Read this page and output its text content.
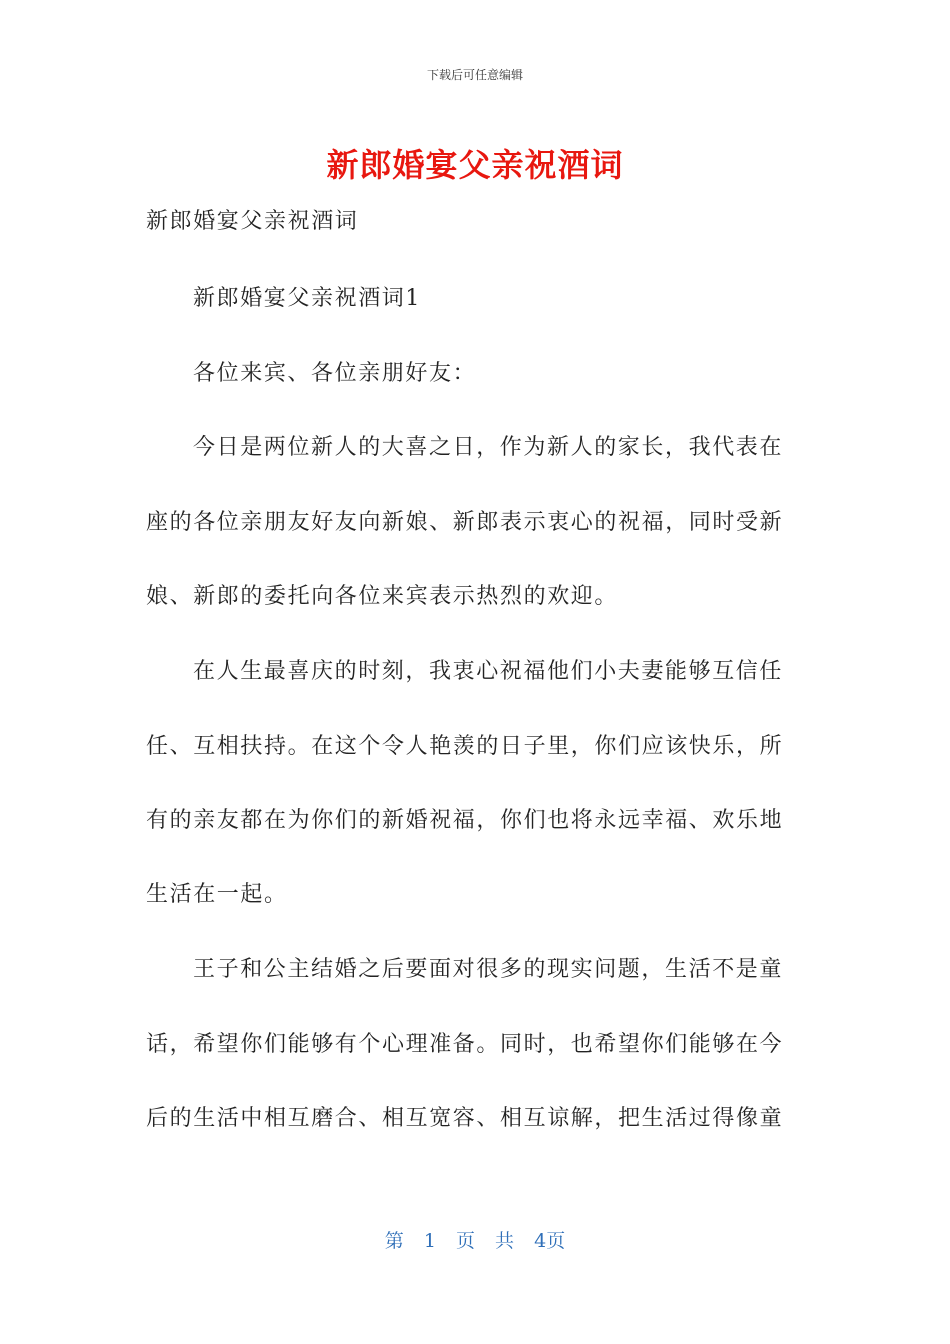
下载后可任意编辑
新郎婚宴父亲祝酒词
新郎婚宴父亲祝酒词
新郎婚宴父亲祝酒词1
各位来宾、各位亲朋好友：
今日是两位新人的大喜之日，作为新人的家长，我代表在
座的各位亲朋友好友向新娘、新郎表示衷心的祝福，同时受新
娘、新郎的委托向各位来宾表示热烈的欢迎。
在人生最喜庆的时刻，我衷心祝福他们小夫妻能够互信任
任、互相扶持。在这个令人艳羡的日子里，你们应该快乐，所
有的亲友都在为你们的新婚祝福，你们也将永远幸福、欢乐地
生活在一起。
王子和公主结婚之后要面对很多的现实问题，生活不是童
话，希望你们能够有个心理准备。同时，也希望你们能够在今
后的生活中相互磨合、相互宽容、相互谅解，把生活过得像童
第 1 页 共 4页
